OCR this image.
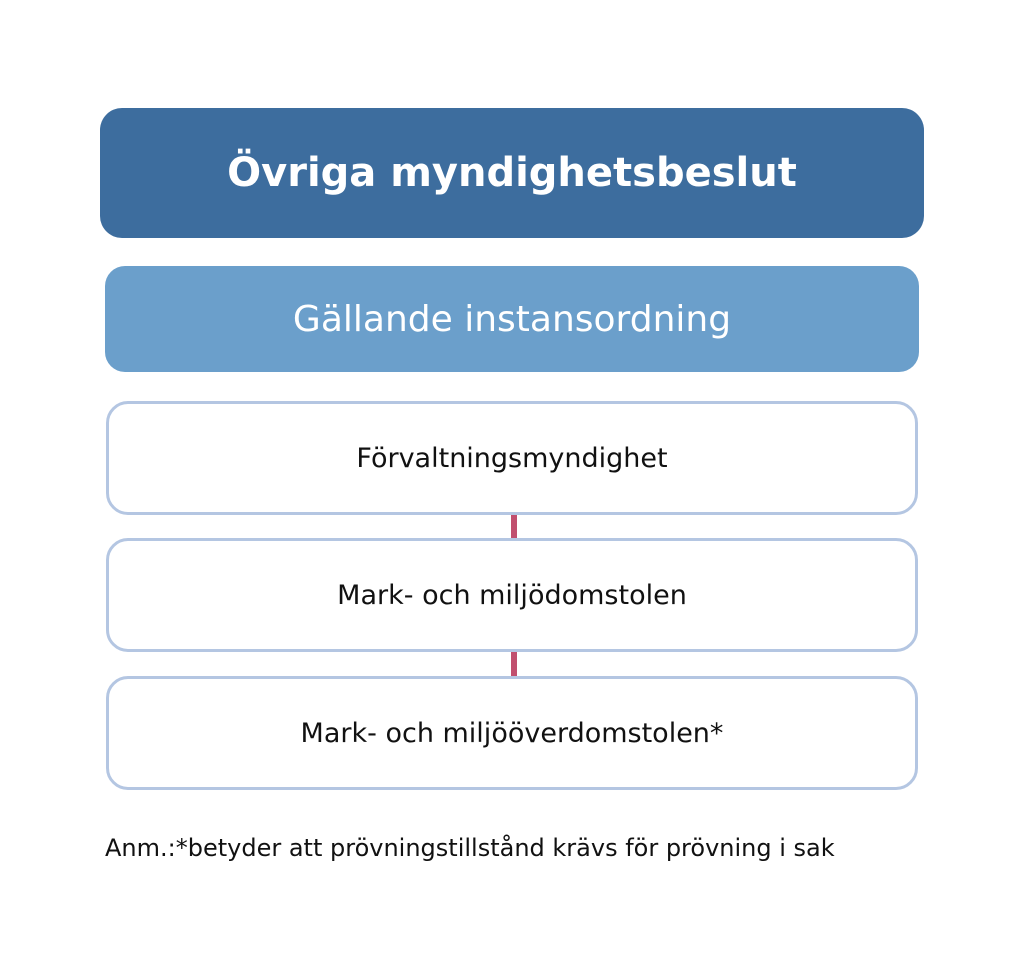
Övriga myndighetsbeslut
Gällande instansordning
Förvaltningsmyndighet
Mark- och miljödomstolen
Mark- och miljööverdomstolen*
Anm.:*betyder att prövningstillstånd krävs för prövning i sak
